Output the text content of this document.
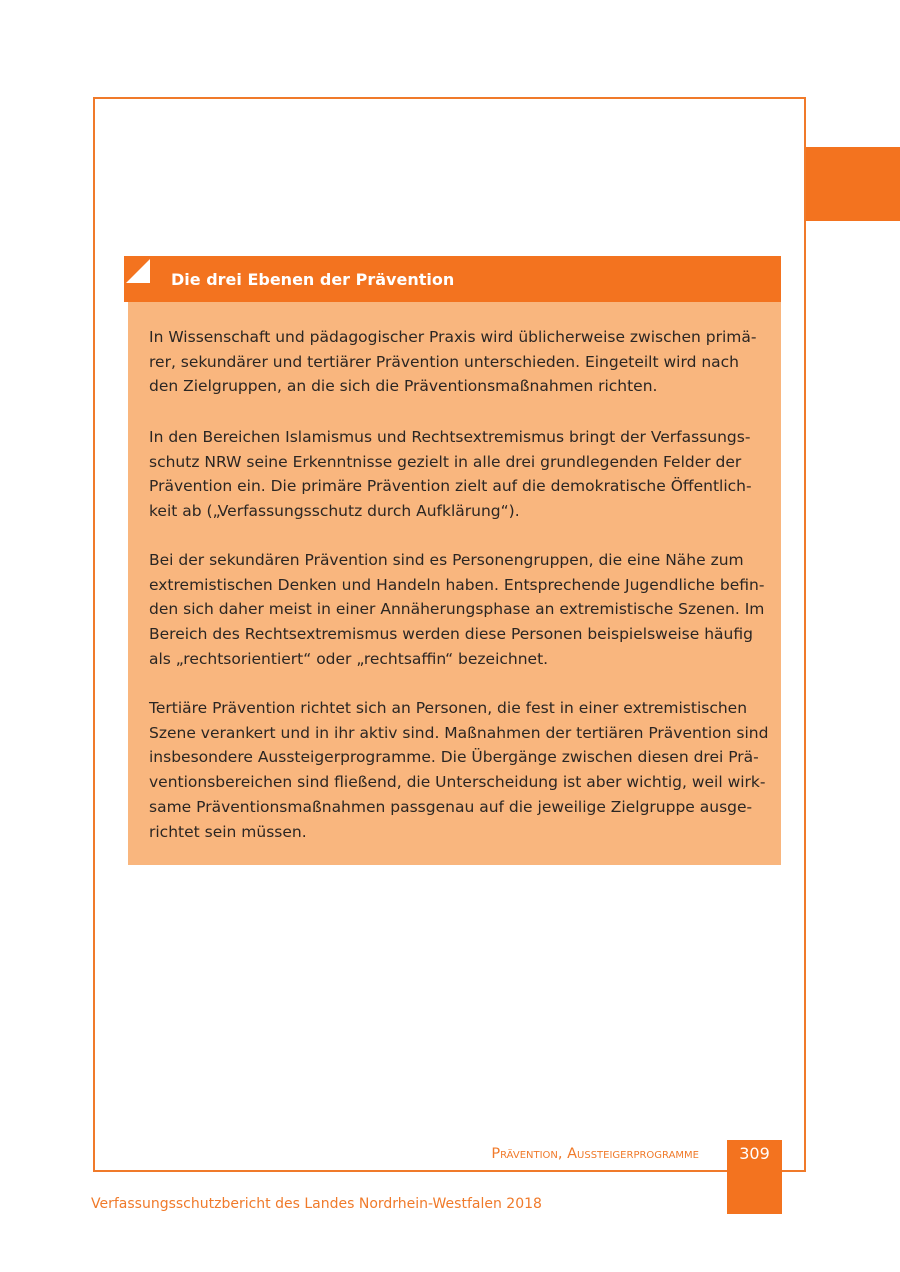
Die drei Ebenen der Prävention

In Wissenschaft und pädagogischer Praxis wird üblicherweise zwischen primä-
rer, sekundärer und tertiärer Prävention unterschieden. Eingeteilt wird nach
den Zielgruppen, an die sich die Präventionsmaßnahmen richten.

In den Bereichen Islamismus und Rechtsextremismus bringt der Verfassungs-
schutz NRW seine Erkenntnisse gezielt in alle drei grundlegenden Felder der
Prävention ein. Die primäre Prävention zielt auf die demokratische Öffentlich-
keit ab („Verfassungsschutz durch Aufklärung“).

Bei der sekundären Prävention sind es Personengruppen, die eine Nähe zum
extremistischen Denken und Handeln haben. Entsprechende Jugendliche befin-
den sich daher meist in einer Annäherungsphase an extremistische Szenen. Im
Bereich des Rechtsextremismus werden diese Personen beispielsweise häufig
als „rechtsorientiert“ oder „rechtsaffin“ bezeichnet.

Tertiäre Prävention richtet sich an Personen, die fest in einer extremistischen
Szene verankert und in ihr aktiv sind. Maßnahmen der tertiären Prävention sind
insbesondere Aussteigerprogramme. Die Übergänge zwischen diesen drei Prä-
ventionsbereichen sind fließend, die Unterscheidung ist aber wichtig, weil wirk-
same Präventionsmaßnahmen passgenau auf die jeweilige Zielgruppe ausge-
richtet sein müssen.

Prävention, Aussteigerprogramme	309
Verfassungsschutzbericht des Landes Nordrhein-Westfalen 2018
